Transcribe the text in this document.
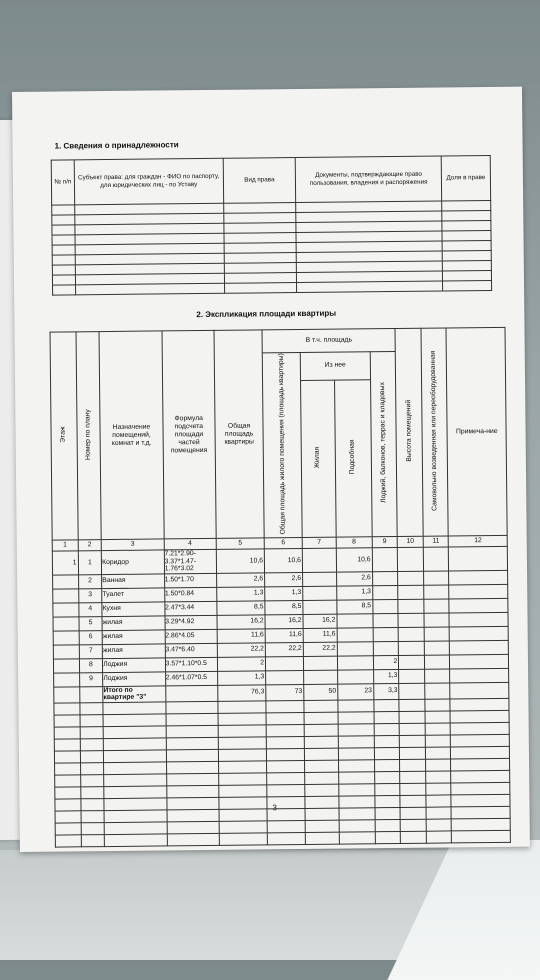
1. Сведения о принадлежности
№ п/п	Субъект права: для граждан - ФИО по паспорту, для юридических лиц - по Уставу	Вид права	Документы, подтверждающие право пользования, владения и распоряжения	Доля в праве

2. Экспликация площади квартиры
Этаж	Номер по плану	Назначение помещений, комнат и т.д.	Формула подсчета площади частей помещения	Общая площадь квартиры	В т.ч. площадь				Высота помещений	Самовольно возведенная или переоборудованная	Примеча-ние
					Общая площадь жилого помещения (площадь квартиры)	Из нее		Лоджий, балконов, террас и кладовых			
						Жилая	Подсобная				
1	2	3	4	5	6	7	8	9	10	11	12
1	1	Коридор	7.21*2.90-3.37*1.47-1.76*3.02	10,6	10,6		10,6				
	2	Ванная	1.50*1.70	2,6	2,6		2,6				
	3	Туалет	1.50*0.84	1,3	1,3		1,3				
	4	Кухня	2.47*3.44	8,5	8,5		8,5				
	5	жилая	3.29*4.92	16,2	16,2	16,2					
	6	жилая	2.86*4.05	11,6	11,6	11,6					
	7	жилая	3.47*6.40	22,2	22,2	22,2					
	8	Лоджия	3.57*1.10*0.5	2				2			
	9	Лоджия	2.46*1.07*0.5	1,3				1,3			
		Итого по квартире "3"		76,3	73	50	23	3,3			

3
